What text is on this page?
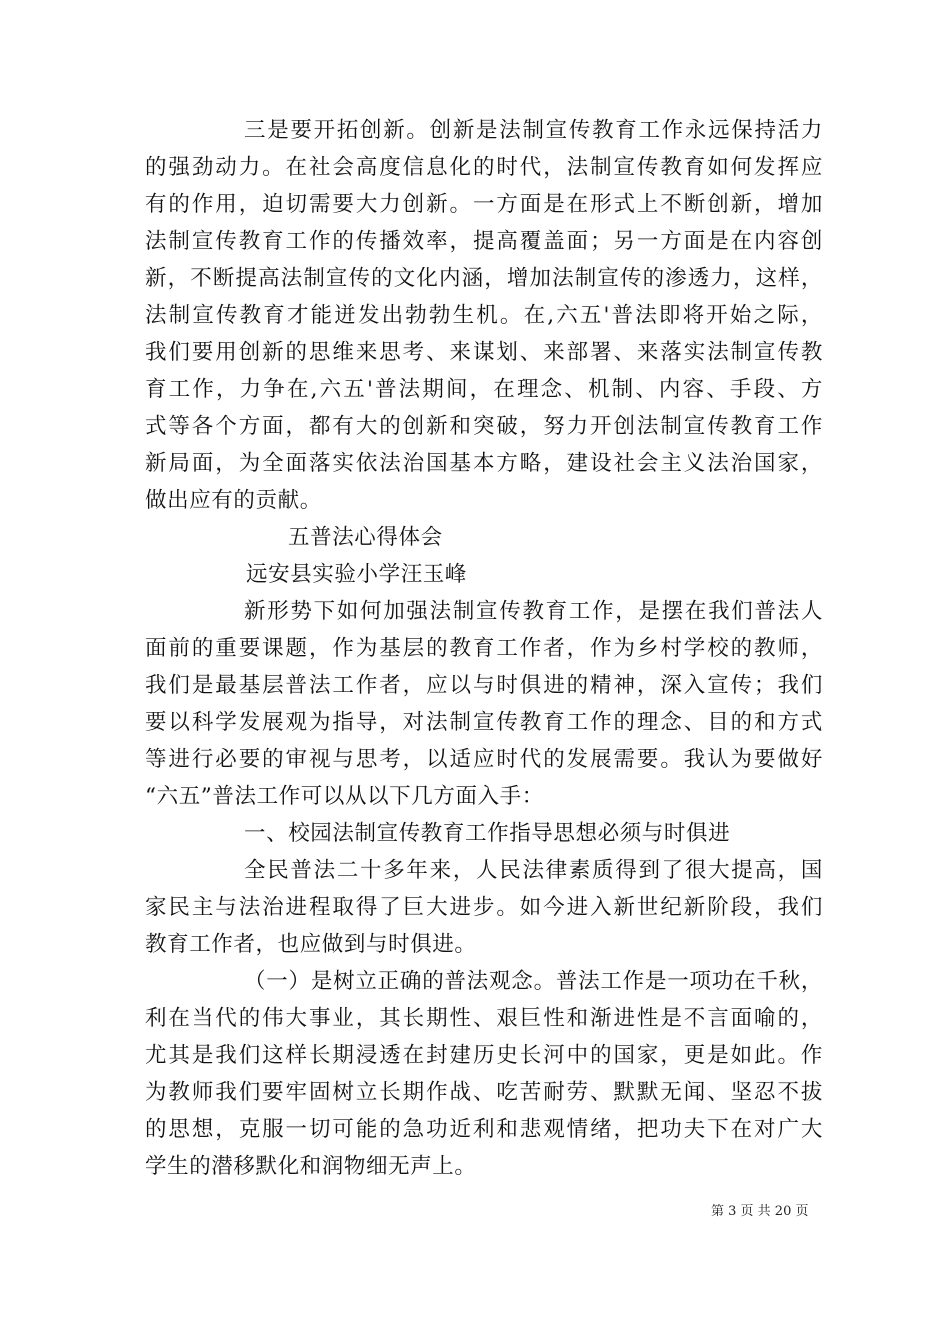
三是要开拓创新。创新是法制宣传教育工作永远保持活力
的强劲动力。在社会高度信息化的时代，法制宣传教育如何发挥应
有的作用，迫切需要大力创新。一方面是在形式上不断创新，增加
法制宣传教育工作的传播效率，提高覆盖面；另一方面是在内容创
新，不断提高法制宣传的文化内涵，增加法制宣传的渗透力，这样，
法制宣传教育才能迸发出勃勃生机。在,六五'普法即将开始之际，
我们要用创新的思维来思考、来谋划、来部署、来落实法制宣传教
育工作，力争在,六五'普法期间，在理念、机制、内容、手段、方
式等各个方面，都有大的创新和突破，努力开创法制宣传教育工作
新局面，为全面落实依法治国基本方略，建设社会主义法治国家，
做出应有的贡献。
五普法心得体会
远安县实验小学汪玉峰
新形势下如何加强法制宣传教育工作，是摆在我们普法人
面前的重要课题，作为基层的教育工作者，作为乡村学校的教师，
我们是最基层普法工作者，应以与时俱进的精神，深入宣传；我们
要以科学发展观为指导，对法制宣传教育工作的理念、目的和方式
等进行必要的审视与思考，以适应时代的发展需要。我认为要做好
“六五”普法工作可以从以下几方面入手：
一、校园法制宣传教育工作指导思想必须与时俱进
全民普法二十多年来，人民法律素质得到了很大提高，国
家民主与法治进程取得了巨大进步。如今进入新世纪新阶段，我们
教育工作者，也应做到与时俱进。
（一）是树立正确的普法观念。普法工作是一项功在千秋，
利在当代的伟大事业，其长期性、艰巨性和渐进性是不言面喻的，
尤其是我们这样长期浸透在封建历史长河中的国家，更是如此。作
为教师我们要牢固树立长期作战、吃苦耐劳、默默无闻、坚忍不拔
的思想，克服一切可能的急功近利和悲观情绪，把功夫下在对广大
学生的潜移默化和润物细无声上。
第 3 页 共 20 页
